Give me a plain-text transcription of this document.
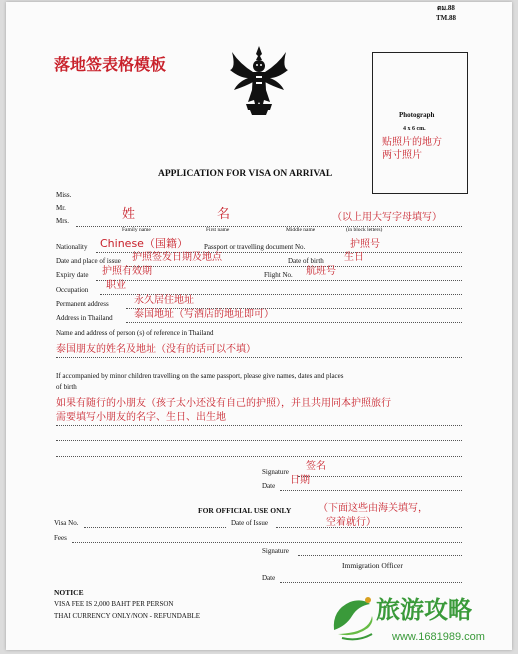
ตม.88
TM.88
落地签表格模板
Photograph
4 x 6 cm.
贴照片的地方
两寸照片
APPLICATION FOR VISA ON ARRIVAL
Miss.
Mr.
Mrs.	姓	名	（以上用大写字母填写）
Family name	First name	Middle name	(in block letters)
Nationality Chinese（国籍） Passport or travelling document No.	护照号
Date and place of issue 护照签发日期及地点	Date of birth 生日
Expiry date 护照有效期	Flight No. 航班号
Occupation 职业
Permanent address	永久居住地址
Address in Thailand 泰国地址（写酒店的地址即可）
Name and address of person (s) of reference in Thailand
泰国朋友的姓名及地址（没有的话可以不填）
If accompanied by minor children travelling on the same passport, please give names, dates and places
of birth
如果有随行的小朋友（孩子太小还没有自己的护照），并且共用同本护照旅行
需要填写小朋友的名字、生日、出生地
Signature 签名
Date 日期
FOR OFFICIAL USE ONLY	（下面这些由海关填写，
空着就行）
Visa No.	Date of Issue
Fees
Signature
Immigration Officer
Date
NOTICE
VISA FEE IS 2,000 BAHT PER PERSON
THAI CURRENCY ONLY/NON - REFUNDABLE	旅游攻略
www.1681989.com
